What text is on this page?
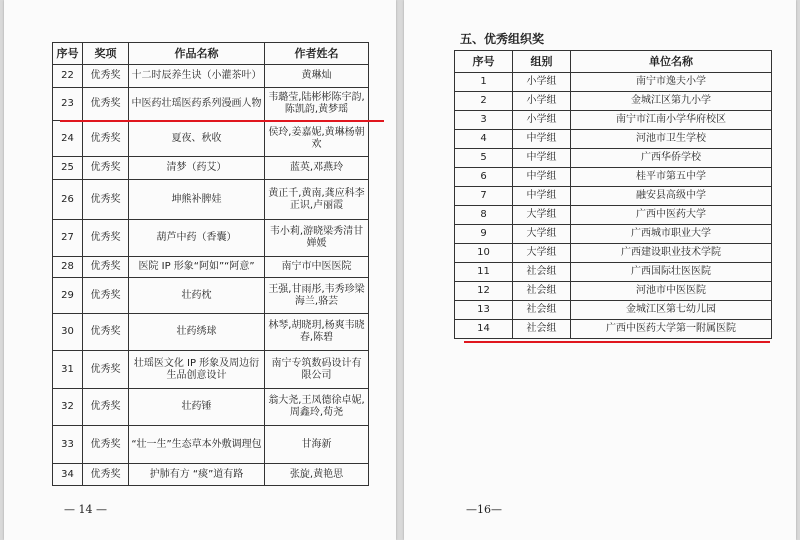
序号	奖项	作品名称	作者姓名
22	优秀奖	十二时辰养生诀（小灌茶叶）	黄琳灿
23	优秀奖	中医药壮瑶医药系列漫画人物	韦璐莹,陆彬彬陈宇韵,陈凯韵,黄梦瑶
24	优秀奖	夏夜、秋收	侯玲,姜嘉妮,黄琳杨朝欢
25	优秀奖	清梦（药艾）	蓝英,邓燕玲
26	优秀奖	坤熊补脾娃	黄正千,黄南,龚应科李正识,卢丽霞
27	优秀奖	葫芦中药（香囊）	韦小莉,游晓梁秀清甘婵媛
28	优秀奖	医院 IP 形象“阿如”“阿意”	南宁市中医医院
29	优秀奖	壮药枕	王强,甘雨彤,韦秀珍梁海兰,骆芸
30	优秀奖	壮药绣球	林琴,胡晓玥,杨爽韦晓春,陈碧
31	优秀奖	壮瑶医文化 IP 形象及周边衍生品创意设计	南宁专筑数码设计有限公司
32	优秀奖	壮药锤	翁大尧,王凤德徐卓妮,周鑫玲,荀尧
33	优秀奖	“壮一生”生态草本外敷调理包	甘海新
34	优秀奖	护肺有方 “痰”道有路	张旋,黄艳思
— 14 —
五、优秀组织奖
序号	组别	单位名称
1	小学组	南宁市逸夫小学
2	小学组	金城江区第九小学
3	小学组	南宁市江南小学华府校区
4	中学组	河池市卫生学校
5	中学组	广西华侨学校
6	中学组	桂平市第五中学
7	中学组	融安县高级中学
8	大学组	广西中医药大学
9	大学组	广西城市职业大学
10	大学组	广西建设职业技术学院
11	社会组	广西国际壮医医院
12	社会组	河池市中医医院
13	社会组	金城江区第七幼儿园
14	社会组	广西中医药大学第一附属医院
—16—
